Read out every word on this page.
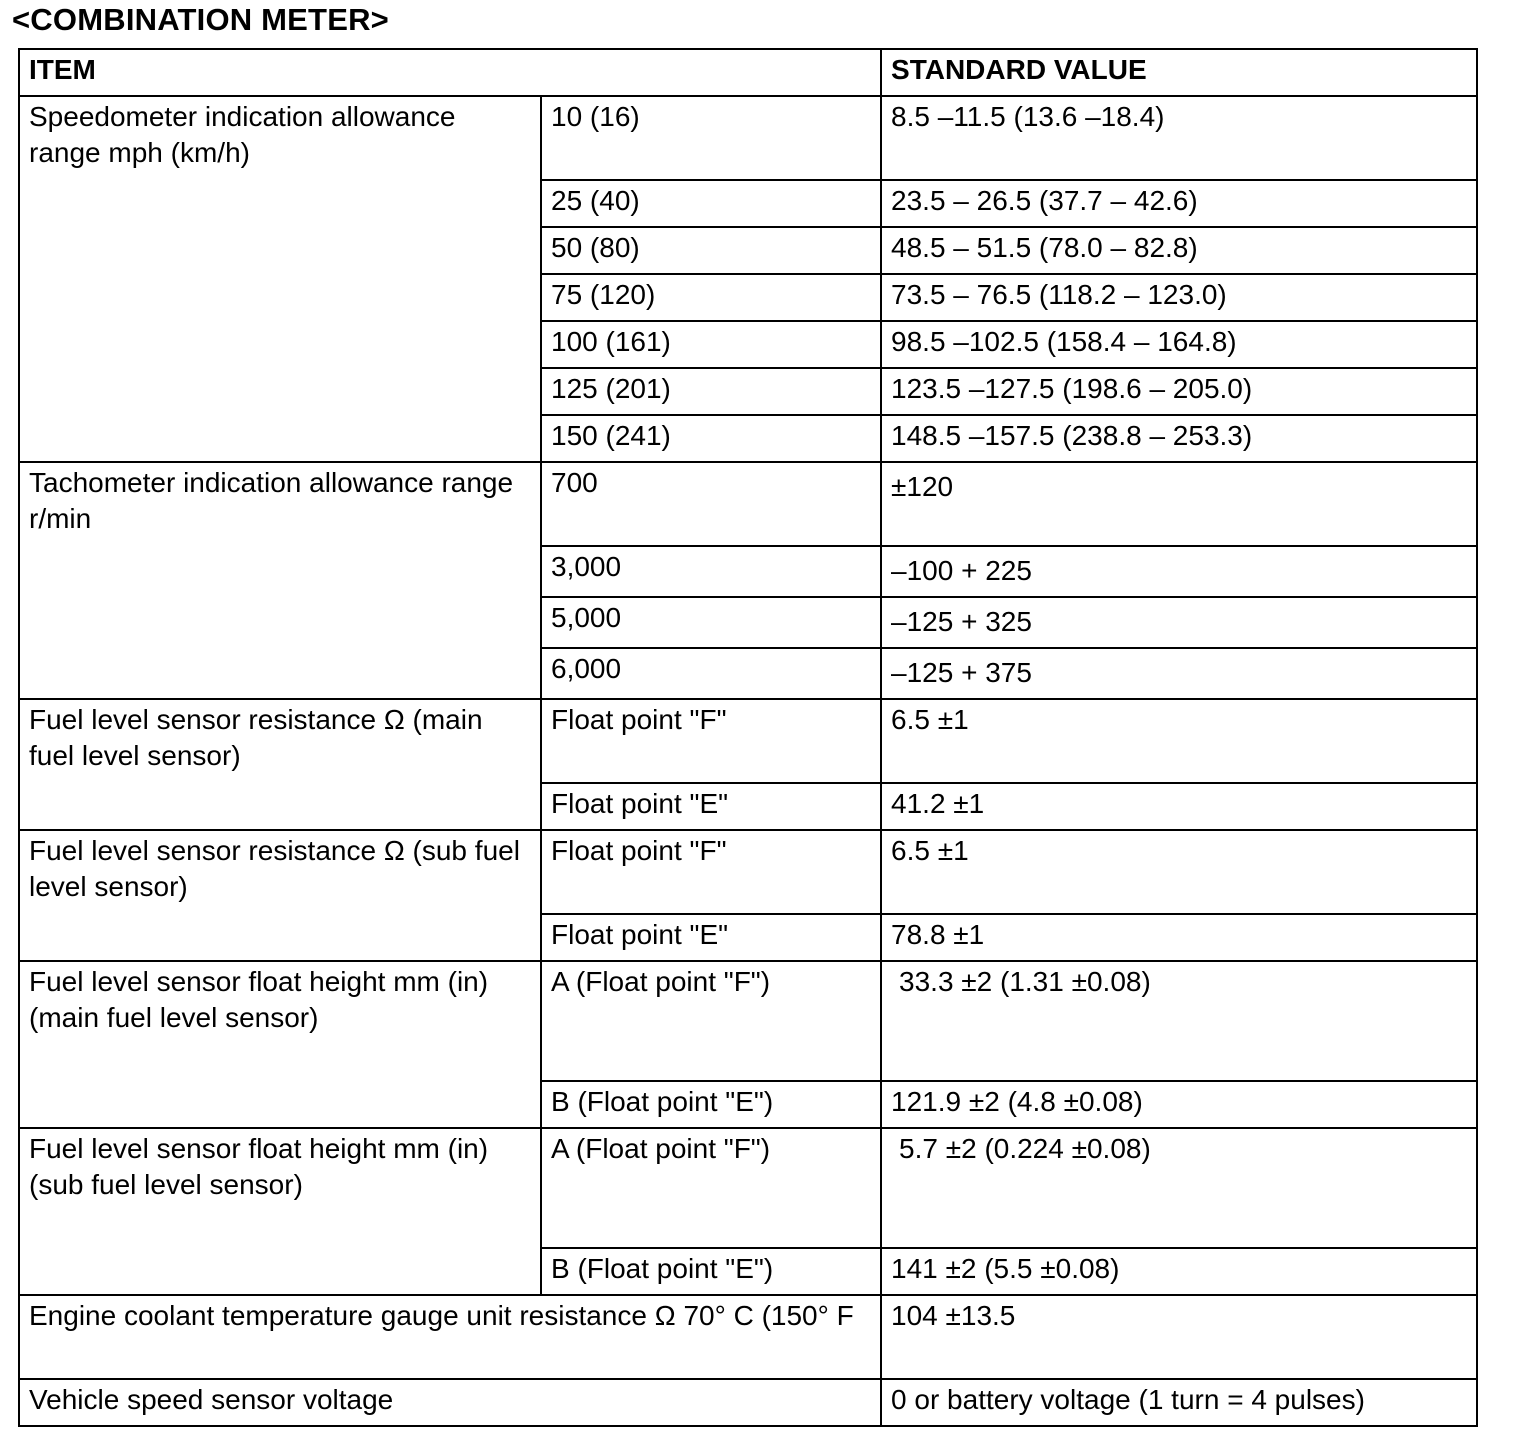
<COMBINATION METER>
ITEM		STANDARD VALUE
Speedometer indication allowance range mph (km/h)	10 (16)	8.5 –11.5 (13.6 –18.4)
	25 (40)	23.5 – 26.5 (37.7 – 42.6)
	50 (80)	48.5 – 51.5 (78.0 – 82.8)
	75 (120)	73.5 – 76.5 (118.2 – 123.0)
	100 (161)	98.5 –102.5 (158.4 – 164.8)
	125 (201)	123.5 –127.5 (198.6 – 205.0)
	150 (241)	148.5 –157.5 (238.8 – 253.3)
Tachometer indication allowance range r/min	700	±120
	3,000	–100 + 225
	5,000	–125 + 325
	6,000	–125 + 375
Fuel level sensor resistance Ω (main fuel level sensor)	Float point "F"	6.5 ±1
	Float point "E"	41.2 ±1
Fuel level sensor resistance Ω (sub fuel level sensor)	Float point "F"	6.5 ±1
	Float point "E"	78.8 ±1
Fuel level sensor float height mm (in) (main fuel level sensor)	A (Float point "F")	33.3 ±2 (1.31 ±0.08)
	B (Float point "E")	121.9 ±2 (4.8 ±0.08)
Fuel level sensor float height mm (in) (sub fuel level sensor)	A (Float point "F")	5.7 ±2 (0.224 ±0.08)
	B (Float point "E")	141 ±2 (5.5 ±0.08)
Engine coolant temperature gauge unit resistance Ω 70° C (150° F		104 ±13.5
Vehicle speed sensor voltage		0 or battery voltage (1 turn = 4 pulses)
